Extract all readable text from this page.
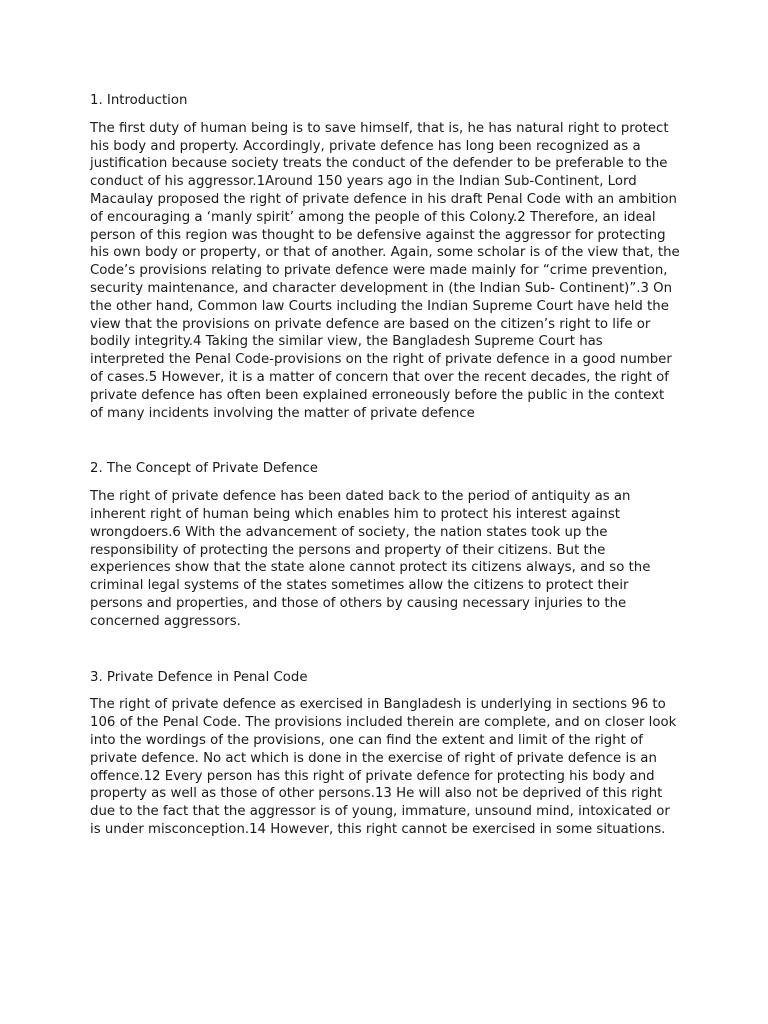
1. Introduction

The first duty of human being is to save himself, that is, he has natural right to protect his body and property. Accordingly, private defence has long been recognized as a justification because society treats the conduct of the defender to be preferable to the conduct of his aggressor.1Around 150 years ago in the Indian Sub-Continent, Lord Macaulay proposed the right of private defence in his draft Penal Code with an ambition of encouraging a ‘manly spirit’ among the people of this Colony.2 Therefore, an ideal person of this region was thought to be defensive against the aggressor for protecting his own body or property, or that of another. Again, some scholar is of the view that, the Code’s provisions relating to private defence were made mainly for “crime prevention, security maintenance, and character development in (the Indian Sub- Continent)”.3 On the other hand, Common law Courts including the Indian Supreme Court have held the view that the provisions on private defence are based on the citizen’s right to life or bodily integrity.4 Taking the similar view, the Bangladesh Supreme Court has interpreted the Penal Code-provisions on the right of private defence in a good number of cases.5 However, it is a matter of concern that over the recent decades, the right of private defence has often been explained erroneously before the public in the context of many incidents involving the matter of private defence

2. The Concept of Private Defence

The right of private defence has been dated back to the period of antiquity as an inherent right of human being which enables him to protect his interest against wrongdoers.6 With the advancement of society, the nation states took up the responsibility of protecting the persons and property of their citizens. But the experiences show that the state alone cannot protect its citizens always, and so the criminal legal systems of the states sometimes allow the citizens to protect their persons and properties, and those of others by causing necessary injuries to the concerned aggressors.

3. Private Defence in Penal Code

The right of private defence as exercised in Bangladesh is underlying in sections 96 to 106 of the Penal Code. The provisions included therein are complete, and on closer look into the wordings of the provisions, one can find the extent and limit of the right of private defence. No act which is done in the exercise of right of private defence is an offence.12 Every person has this right of private defence for protecting his body and property as well as those of other persons.13 He will also not be deprived of this right due to the fact that the aggressor is of young, immature, unsound mind, intoxicated or is under misconception.14 However, this right cannot be exercised in some situations.
